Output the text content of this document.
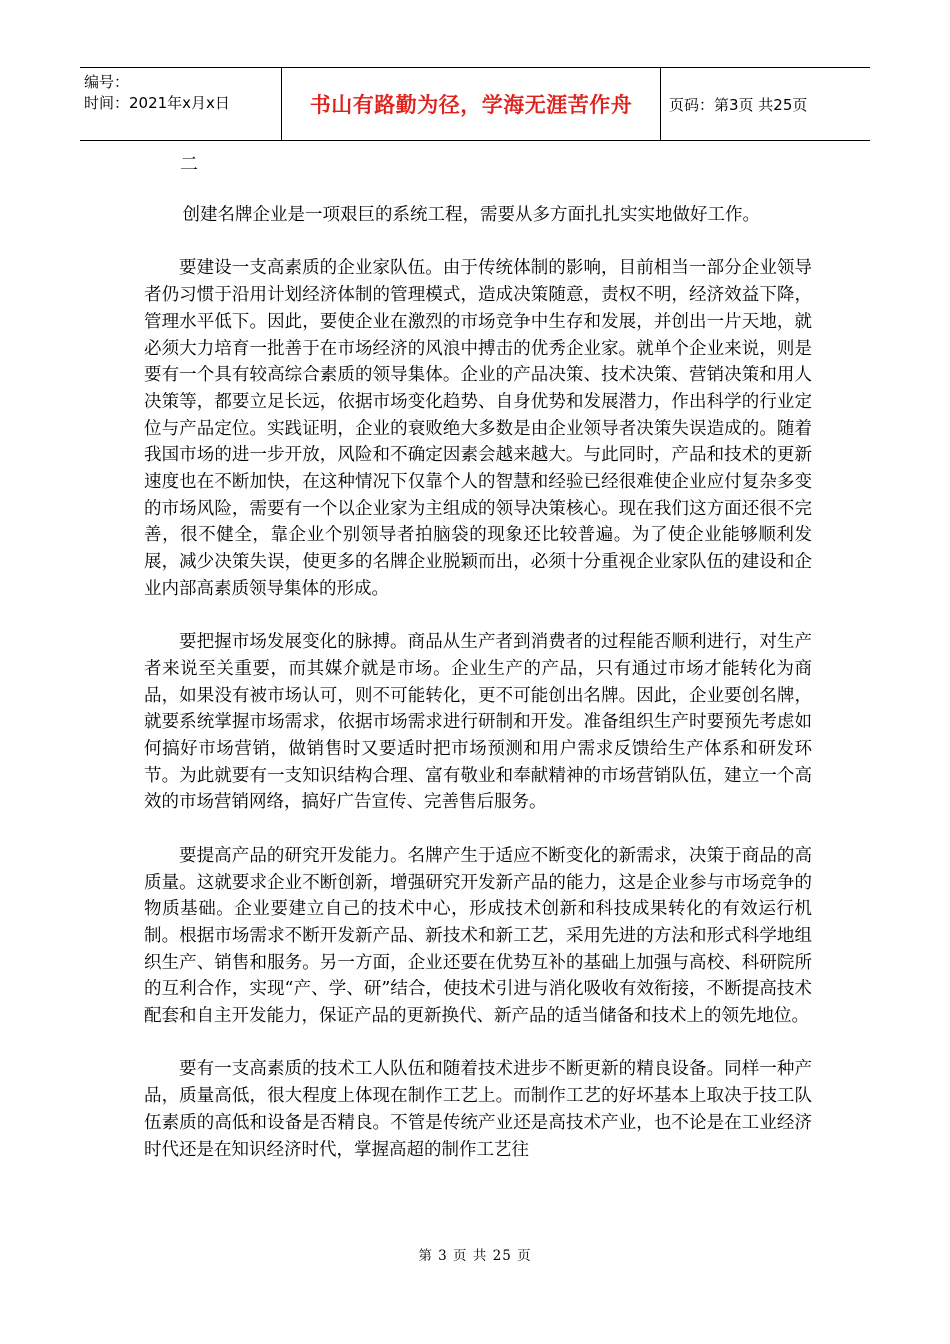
编号：
时间：2021年x月x日	书山有路勤为径，学海无涯苦作舟	页码：第3页 共25页
二

创建名牌企业是一项艰巨的系统工程，需要从多方面扎扎实实地做好工作。

要建设一支高素质的企业家队伍。由于传统体制的影响，目前相当一部分企业领导者仍习惯于沿用计划经济体制的管理模式，造成决策随意，责权不明，经济效益下降，管理水平低下。因此，要使企业在激烈的市场竞争中生存和发展，并创出一片天地，就必须大力培育一批善于在市场经济的风浪中搏击的优秀企业家。就单个企业来说，则是要有一个具有较高综合素质的领导集体。企业的产品决策、技术决策、营销决策和用人决策等，都要立足长远，依据市场变化趋势、自身优势和发展潜力，作出科学的行业定位与产品定位。实践证明，企业的衰败绝大多数是由企业领导者决策失误造成的。随着我国市场的进一步开放，风险和不确定因素会越来越大。与此同时，产品和技术的更新速度也在不断加快，在这种情况下仅靠个人的智慧和经验已经很难使企业应付复杂多变的市场风险，需要有一个以企业家为主组成的领导决策核心。现在我们这方面还很不完善，很不健全，靠企业个别领导者拍脑袋的现象还比较普遍。为了使企业能够顺利发展，减少决策失误，使更多的名牌企业脱颖而出，必须十分重视企业家队伍的建设和企业内部高素质领导集体的形成。

要把握市场发展变化的脉搏。商品从生产者到消费者的过程能否顺利进行，对生产者来说至关重要，而其媒介就是市场。企业生产的产品，只有通过市场才能转化为商品，如果没有被市场认可，则不可能转化，更不可能创出名牌。因此，企业要创名牌，就要系统掌握市场需求，依据市场需求进行研制和开发。准备组织生产时要预先考虑如何搞好市场营销，做销售时又要适时把市场预测和用户需求反馈给生产体系和研发环节。为此就要有一支知识结构合理、富有敬业和奉献精神的市场营销队伍，建立一个高效的市场营销网络，搞好广告宣传、完善售后服务。

要提高产品的研究开发能力。名牌产生于适应不断变化的新需求，决策于商品的高质量。这就要求企业不断创新，增强研究开发新产品的能力，这是企业参与市场竞争的物质基础。企业要建立自己的技术中心，形成技术创新和科技成果转化的有效运行机制。根据市场需求不断开发新产品、新技术和新工艺，采用先进的方法和形式科学地组织生产、销售和服务。另一方面，企业还要在优势互补的基础上加强与高校、科研院所的互利合作，实现“产、学、研”结合，使技术引进与消化吸收有效衔接，不断提高技术配套和自主开发能力，保证产品的更新换代、新产品的适当储备和技术上的领先地位。

要有一支高素质的技术工人队伍和随着技术进步不断更新的精良设备。同样一种产品，质量高低，很大程度上体现在制作工艺上。而制作工艺的好坏基本上取决于技工队伍素质的高低和设备是否精良。不管是传统产业还是高技术产业，也不论是在工业经济时代还是在知识经济时代，掌握高超的制作工艺往

第 3 页 共 25 页
